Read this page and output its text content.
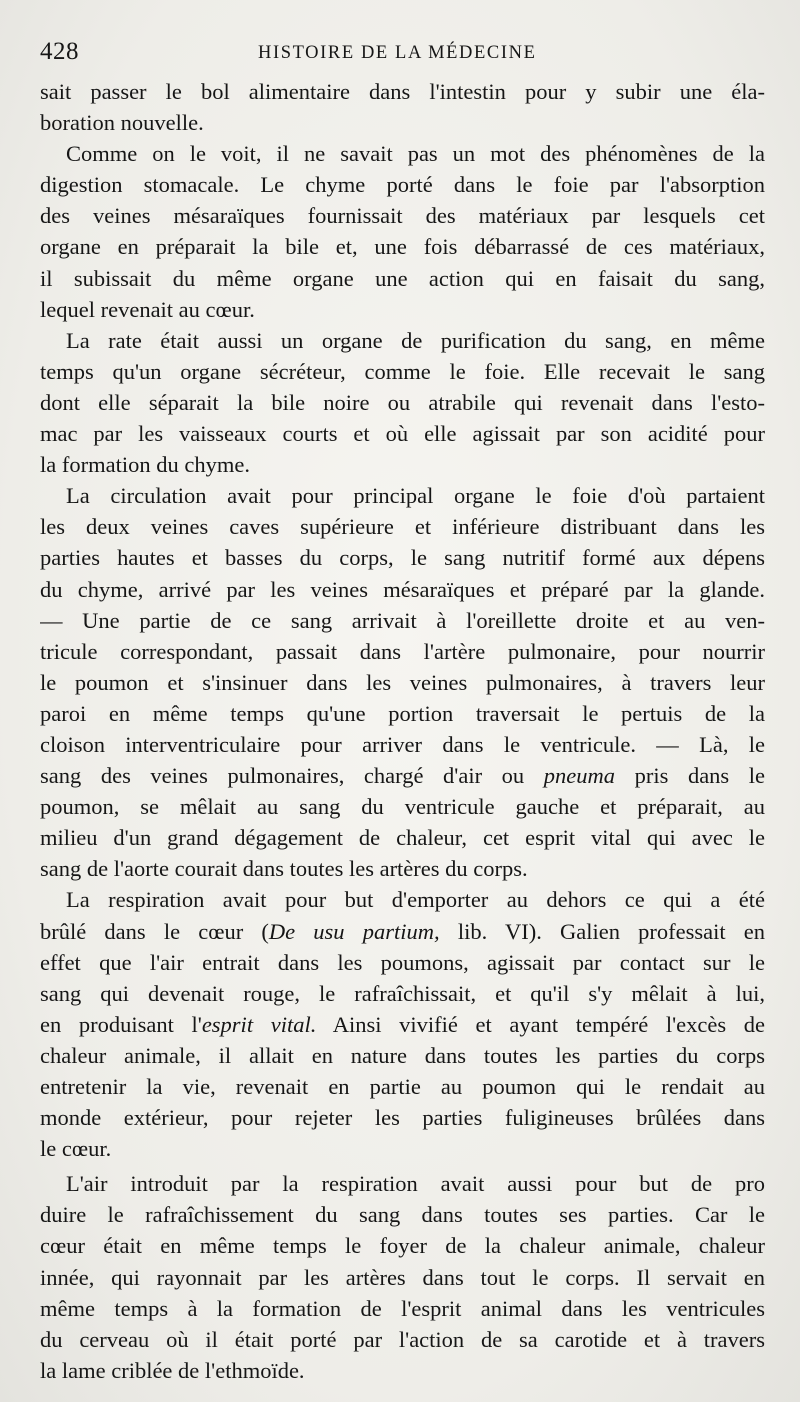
428	HISTOIRE DE LA MÉDECINE
sait passer le bol alimentaire dans l'intestin pour y subir une éla-
boration nouvelle.
Comme on le voit, il ne savait pas un mot des phénomènes de la
digestion stomacale. Le chyme porté dans le foie par l'absorption
des veines mésaraïques fournissait des matériaux par lesquels cet
organe en préparait la bile et, une fois débarrassé de ces matériaux,
il subissait du même organe une action qui en faisait du sang,
lequel revenait au cœur.
La rate était aussi un organe de purification du sang, en même
temps qu'un organe sécréteur, comme le foie. Elle recevait le sang
dont elle séparait la bile noire ou atrabile qui revenait dans l'esto-
mac par les vaisseaux courts et où elle agissait par son acidité pour
la formation du chyme.
La circulation avait pour principal organe le foie d'où partaient
les deux veines caves supérieure et inférieure distribuant dans les
parties hautes et basses du corps, le sang nutritif formé aux dépens
du chyme, arrivé par les veines mésaraïques et préparé par la glande.
— Une partie de ce sang arrivait à l'oreillette droite et au ven-
tricule correspondant, passait dans l'artère pulmonaire, pour nourrir
le poumon et s'insinuer dans les veines pulmonaires, à travers leur
paroi en même temps qu'une portion traversait le pertuis de la
cloison interventriculaire pour arriver dans le ventricule. — Là, le
sang des veines pulmonaires, chargé d'air ou pneuma pris dans le
poumon, se mêlait au sang du ventricule gauche et préparait, au
milieu d'un grand dégagement de chaleur, cet esprit vital qui avec le
sang de l'aorte courait dans toutes les artères du corps.
La respiration avait pour but d'emporter au dehors ce qui a été
brûlé dans le cœur (De usu partium, lib. VI). Galien professait en
effet que l'air entrait dans les poumons, agissait par contact sur le
sang qui devenait rouge, le rafraîchissait, et qu'il s'y mêlait à lui,
en produisant l'esprit vital. Ainsi vivifié et ayant tempéré l'excès de
chaleur animale, il allait en nature dans toutes les parties du corps
entretenir la vie, revenait en partie au poumon qui le rendait au
monde extérieur, pour rejeter les parties fuligineuses brûlées dans
le cœur.
L'air introduit par la respiration avait aussi pour but de pro
duire le rafraîchissement du sang dans toutes ses parties. Car le
cœur était en même temps le foyer de la chaleur animale, chaleur
innée, qui rayonnait par les artères dans tout le corps. Il servait en
même temps à la formation de l'esprit animal dans les ventricules
du cerveau où il était porté par l'action de sa carotide et à travers
la lame criblée de l'ethmoïde.
